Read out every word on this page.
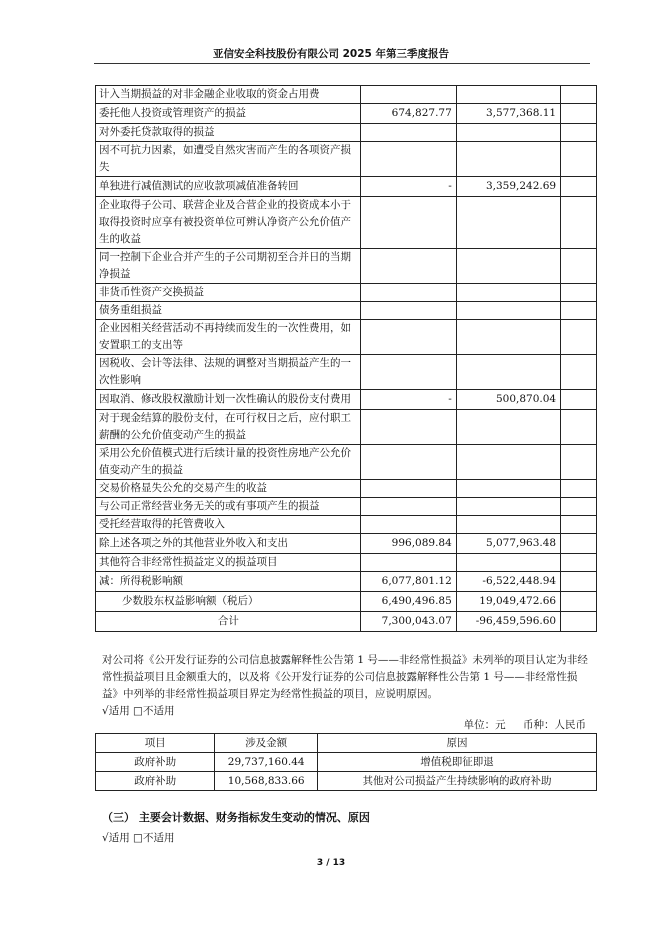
亚信安全科技股份有限公司 2025 年第三季度报告
计入当期损益的对非金融企业收取的资金占用费			
委托他人投资或管理资产的损益	674,827.77	3,577,368.11	
对外委托贷款取得的损益			
因不可抗力因素，如遭受自然灾害而产生的各项资产损失			
单独进行减值测试的应收款项减值准备转回	-	3,359,242.69	
企业取得子公司、联营企业及合营企业的投资成本小于取得投资时应享有被投资单位可辨认净资产公允价值产生的收益			
同一控制下企业合并产生的子公司期初至合并日的当期净损益			
非货币性资产交换损益			
债务重组损益			
企业因相关经营活动不再持续而发生的一次性费用，如安置职工的支出等			
因税收、会计等法律、法规的调整对当期损益产生的一次性影响			
因取消、修改股权激励计划一次性确认的股份支付费用	-	500,870.04	
对于现金结算的股份支付，在可行权日之后，应付职工薪酬的公允价值变动产生的损益			
采用公允价值模式进行后续计量的投资性房地产公允价值变动产生的损益			
交易价格显失公允的交易产生的收益			
与公司正常经营业务无关的或有事项产生的损益			
受托经营取得的托管费收入			
除上述各项之外的其他营业外收入和支出	996,089.84	5,077,963.48	
其他符合非经常性损益定义的损益项目			
减：所得税影响额	6,077,801.12	-6,522,448.94	
少数股东权益影响额（税后）	6,490,496.85	19,049,472.66	
合计	7,300,043.07	-96,459,596.60	
对公司将《公开发行证券的公司信息披露解释性公告第 1 号——非经常性损益》未列举的项目认定为非经常性损益项目且金额重大的，以及将《公开发行证券的公司信息披露解释性公告第 1 号——非经常性损益》中列举的非经常性损益项目界定为经常性损益的项目，应说明原因。
√适用 □不适用
单位：元 币种：人民币
项目	涉及金额	原因
政府补助	29,737,160.44	增值税即征即退
政府补助	10,568,833.66	其他对公司损益产生持续影响的政府补助
（三） 主要会计数据、财务指标发生变动的情况、原因
√适用 □不适用
3 / 13
